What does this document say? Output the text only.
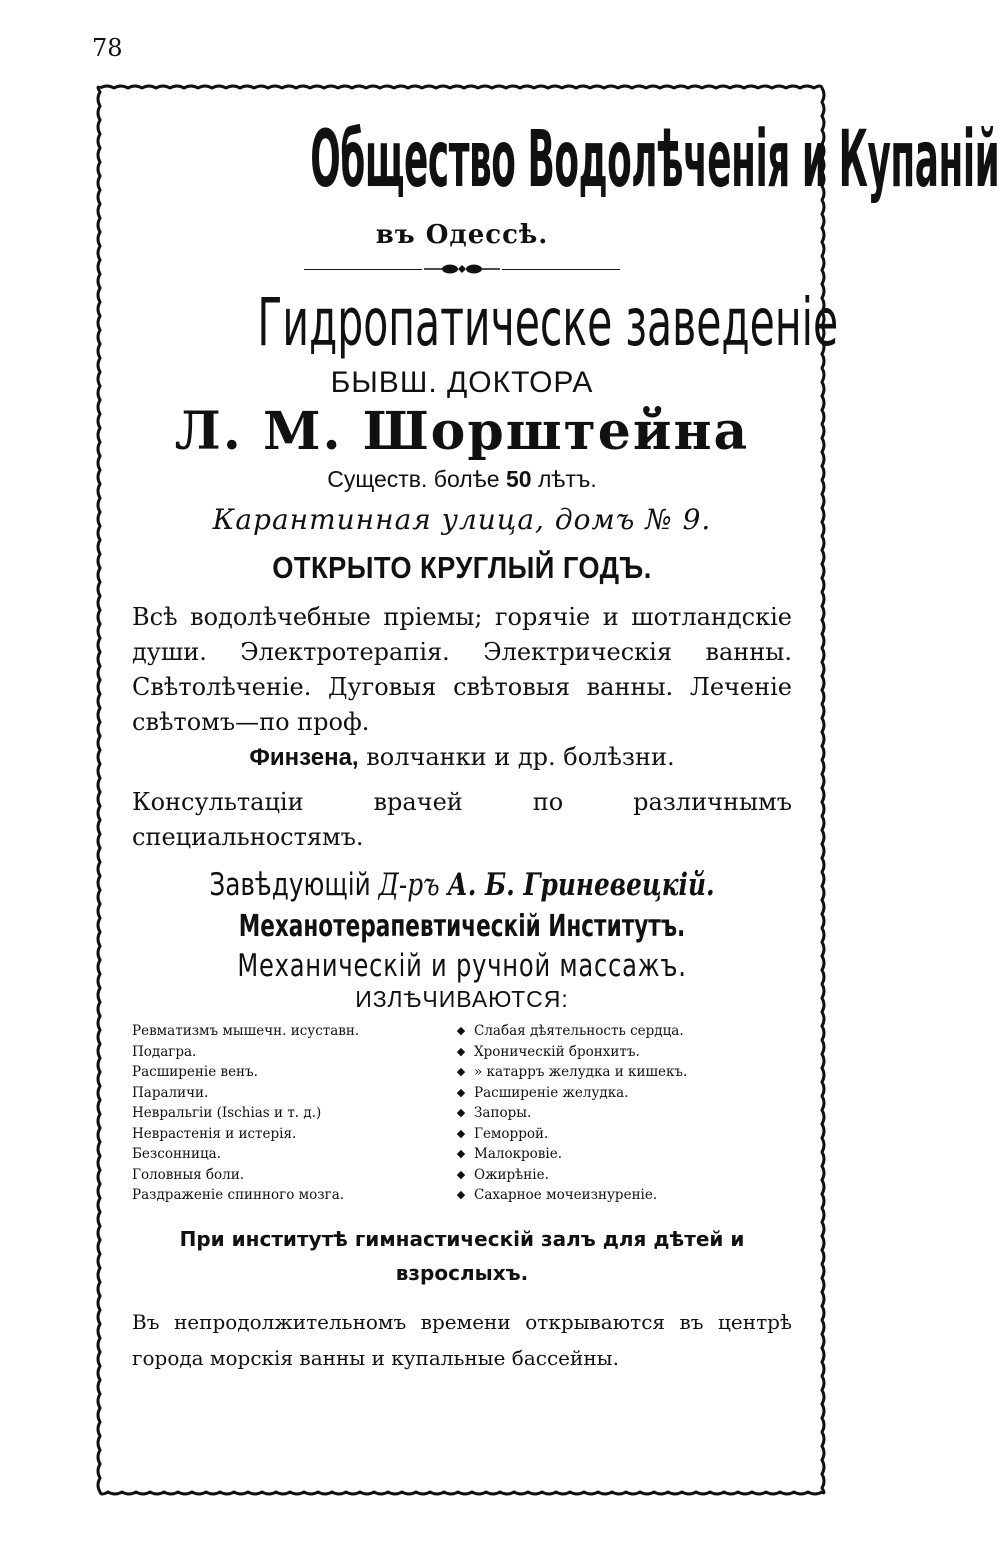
78
Общество Водолѣченія и Купаній
въ Одессѣ.
Гидропатическе заведеніе
БЫВШ. ДОКТОРА
Л. М. Шорштейна
Существ. болѣе 50 лѣтъ.
Карантинная улица, домъ № 9.
ОТКРЫТО КРУГЛЫЙ ГОДЪ.
Всѣ водолѣчебные пріемы; горячіе и шотландскіе души. Электротерапія. Электрическія ванны. Свѣтолѣченіе. Дуговыя свѣтовыя ванны. Леченіе свѣтомъ—по проф.
Финзена, волчанки и др. болѣзни.
Консультаціи врачей по различнымъ специальностямъ.
Завѣдующій Д-ръ А. Б. Гриневецкій.
Механотерапевтическій Институтъ.
Механическій и ручной массажъ.
ИЗЛѢЧИВАЮТСЯ:
Ревматизмъ мышечн. исуставн.
Подагра.
Расширеніе венъ.
Параличи.
Невральгіи (Ischias и т. д.)
Неврастенія и истерія.
Безсонница.
Головныя боли.
Раздраженіе спинного мозга.
◆
◆
◆
◆
◆
◆
◆
◆
◆
Слабая дѣятельность сердца.
Хроническій бронхитъ.
» катарръ желудка и кишекъ.
Расширеніе желудка.
Запоры.
Геморрой.
Малокровіе.
Ожирѣніе.
Сахарное мочеизнуреніе.
При институтѣ гимнастическій залъ для дѣтей и взрослыхъ.
Въ непродолжительномъ времени открываются въ центрѣ города морскія ванны и купальные бассейны.
